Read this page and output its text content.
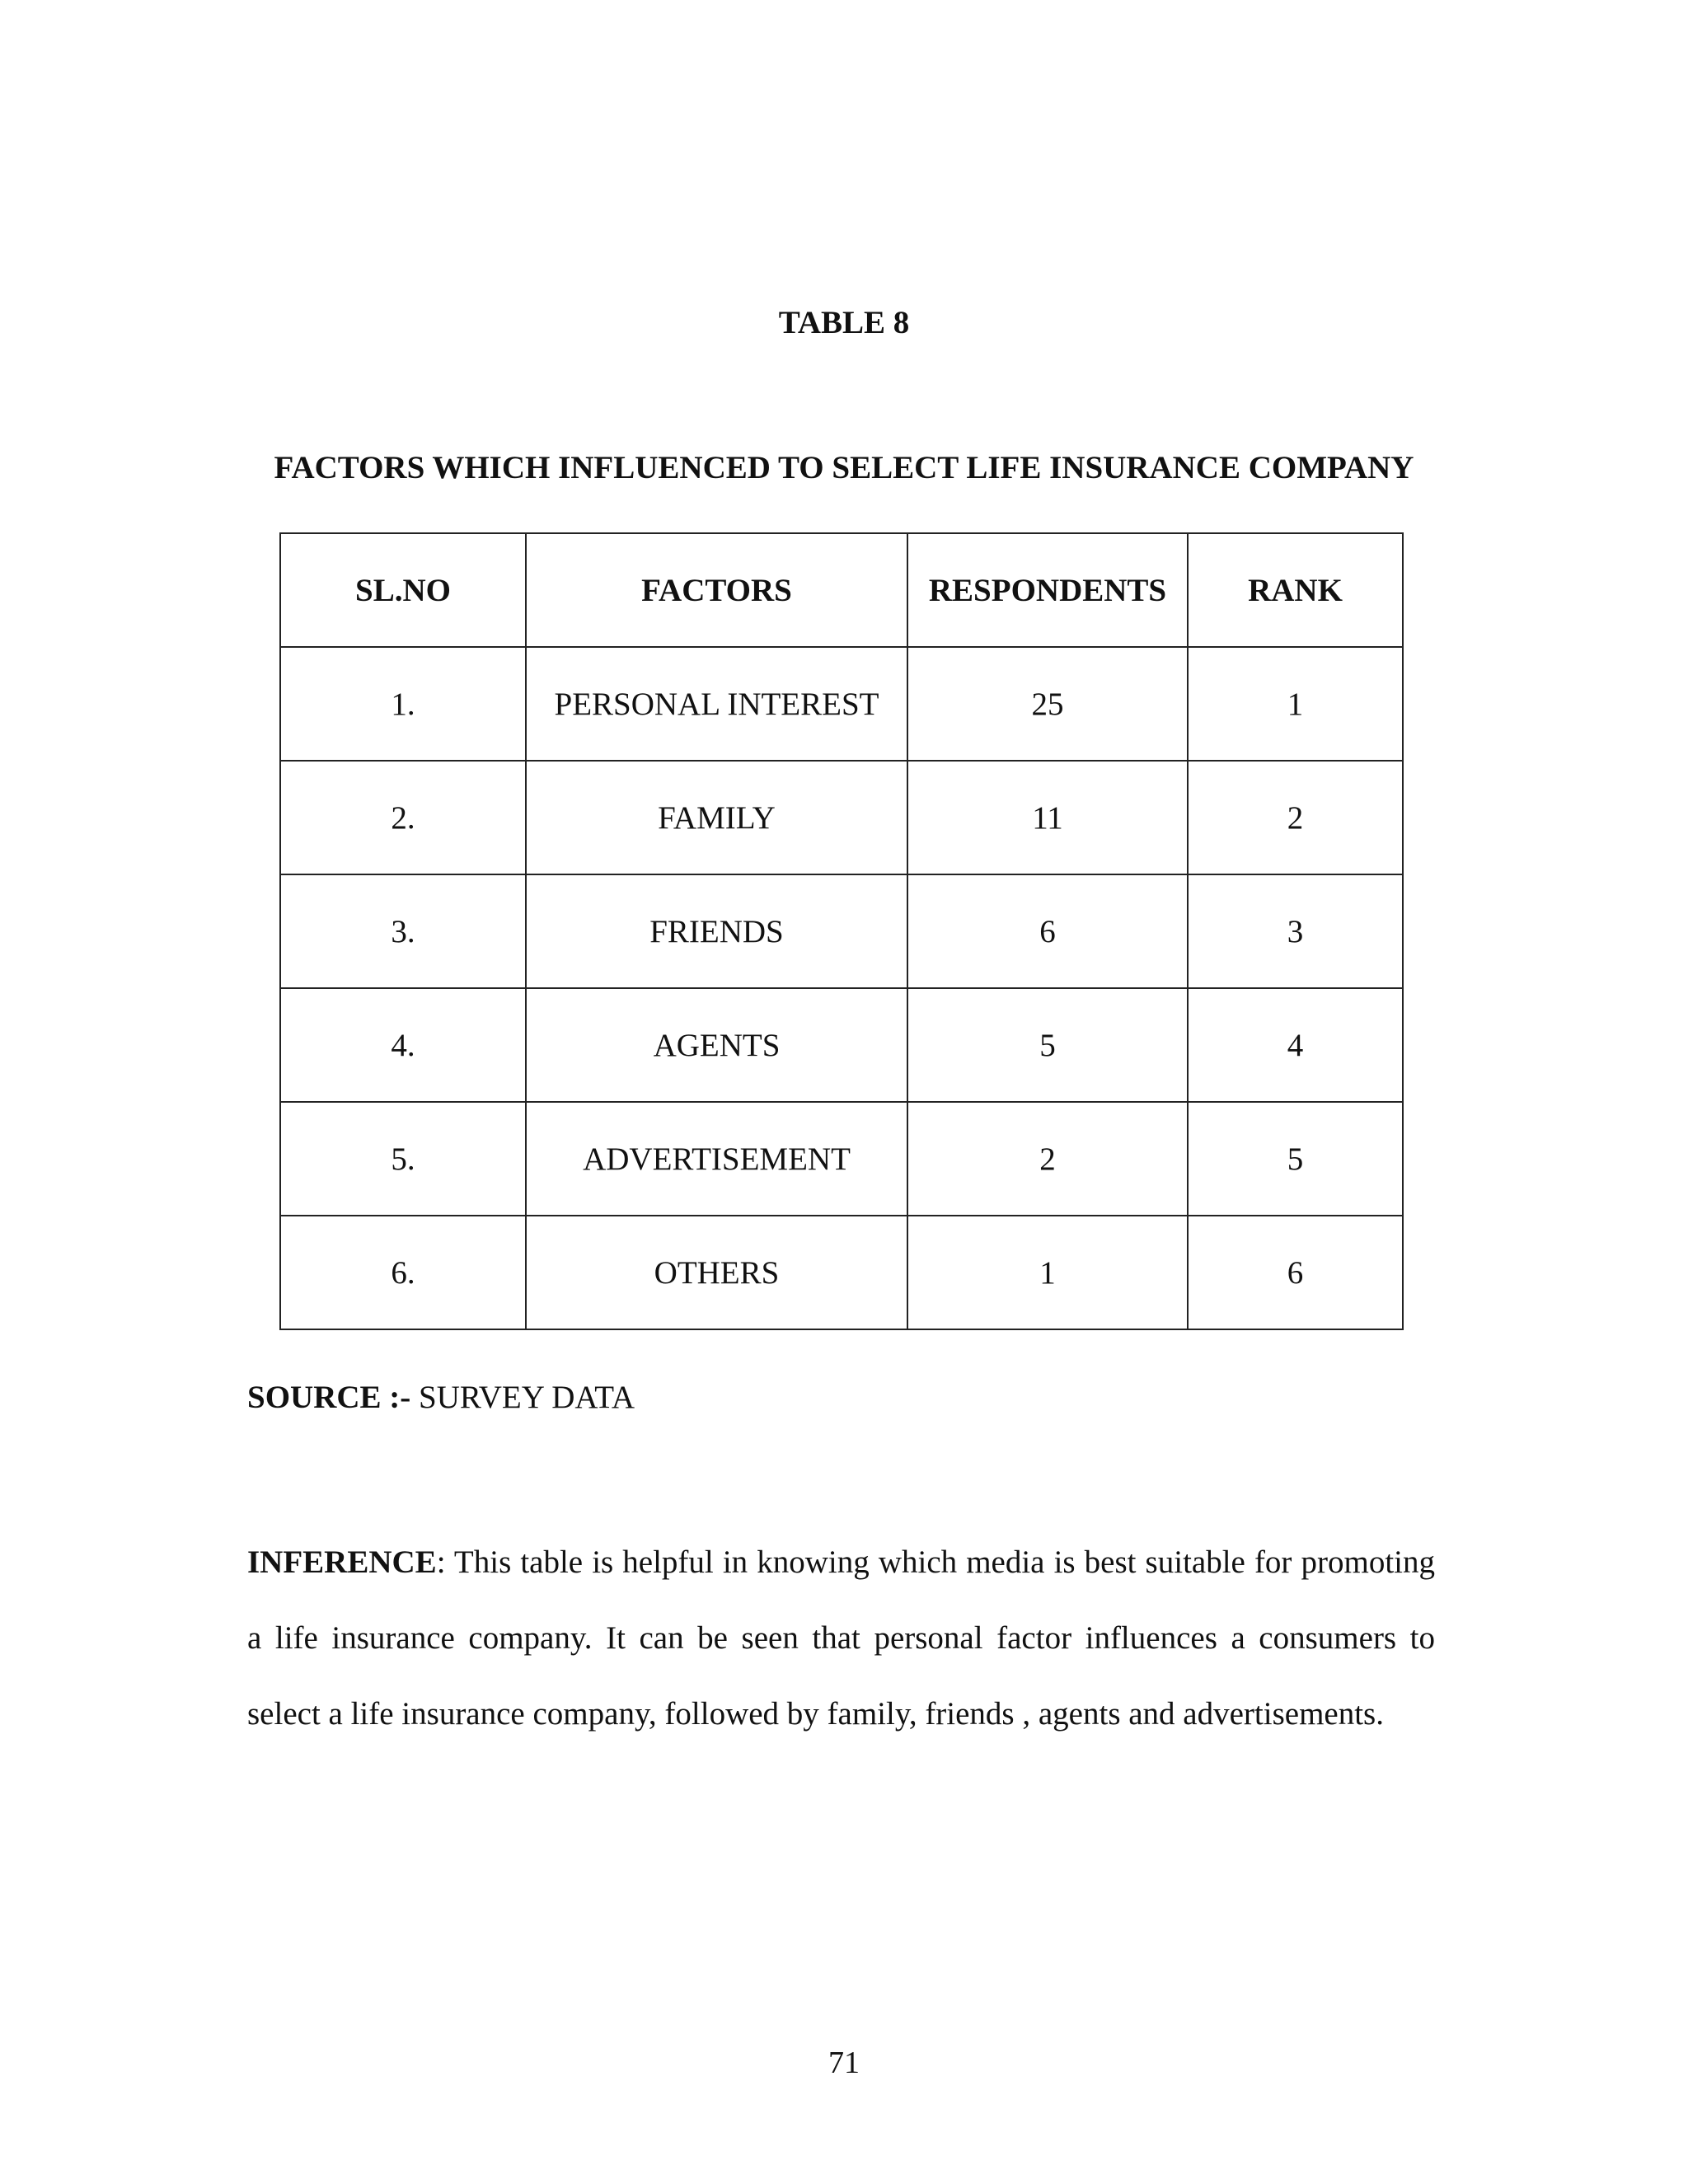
TABLE 8
FACTORS WHICH INFLUENCED TO SELECT LIFE INSURANCE COMPANY
SL.NO	FACTORS	RESPONDENTS	RANK
1.	PERSONAL INTEREST	25	1
2.	FAMILY	11	2
3.	FRIENDS	6	3
4.	AGENTS	5	4
5.	ADVERTISEMENT	2	5
6.	OTHERS	1	6
SOURCE :- SURVEY DATA
INFERENCE: This table is helpful in knowing which media is best suitable for promoting a life insurance company. It can be seen that personal factor influences a consumers to select a life insurance company, followed by family, friends , agents and advertisements.
71
